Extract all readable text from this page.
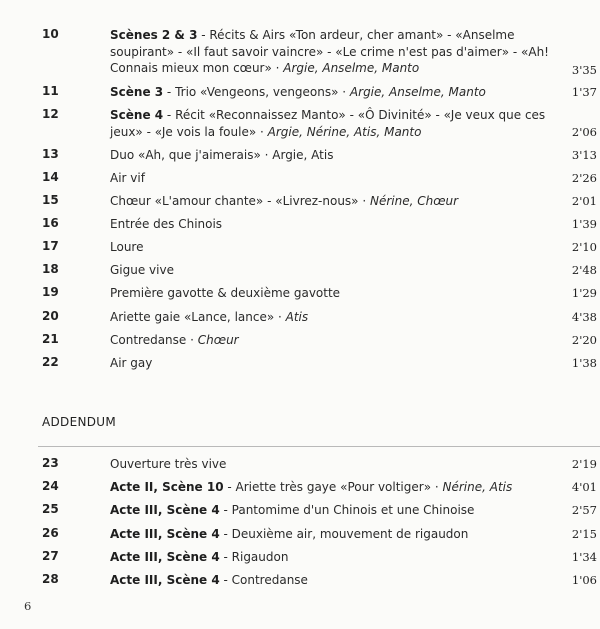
10	Scènes 2 & 3 - Récits & Airs «Ton ardeur, cher amant» - «Anselme soupirant» - «Il faut savoir vaincre» - «Le crime n'est pas d'aimer» - «Ah! Connais mieux mon cœur» · Argie, Anselme, Manto	3'35
11	Scène 3 - Trio «Vengeons, vengeons» · Argie, Anselme, Manto	1'37
12	Scène 4 - Récit «Reconnaissez Manto» - «Ô Divinité» - «Je veux que ces jeux» - «Je vois la foule» · Argie, Nérine, Atis, Manto	2'06
13	Duo «Ah, que j'aimerais» · Argie, Atis	3'13
14	Air vif	2'26
15	Chœur «L'amour chante» - «Livrez-nous» · Nérine, Chœur	2'01
16	Entrée des Chinois	1'39
17	Loure	2'10
18	Gigue vive	2'48
19	Première gavotte & deuxième gavotte	1'29
20	Ariette gaie «Lance, lance» · Atis	4'38
21	Contredanse · Chœur	2'20
22	Air gay	1'38
ADDENDUM
23	Ouverture très vive	2'19
24	Acte II, Scène 10 - Ariette très gaye «Pour voltiger» · Nérine, Atis	4'01
25	Acte III, Scène 4 - Pantomime d'un Chinois et une Chinoise	2'57
26	Acte III, Scène 4 - Deuxième air, mouvement de rigaudon	2'15
27	Acte III, Scène 4 - Rigaudon	1'34
28	Acte III, Scène 4 - Contredanse	1'06
6
